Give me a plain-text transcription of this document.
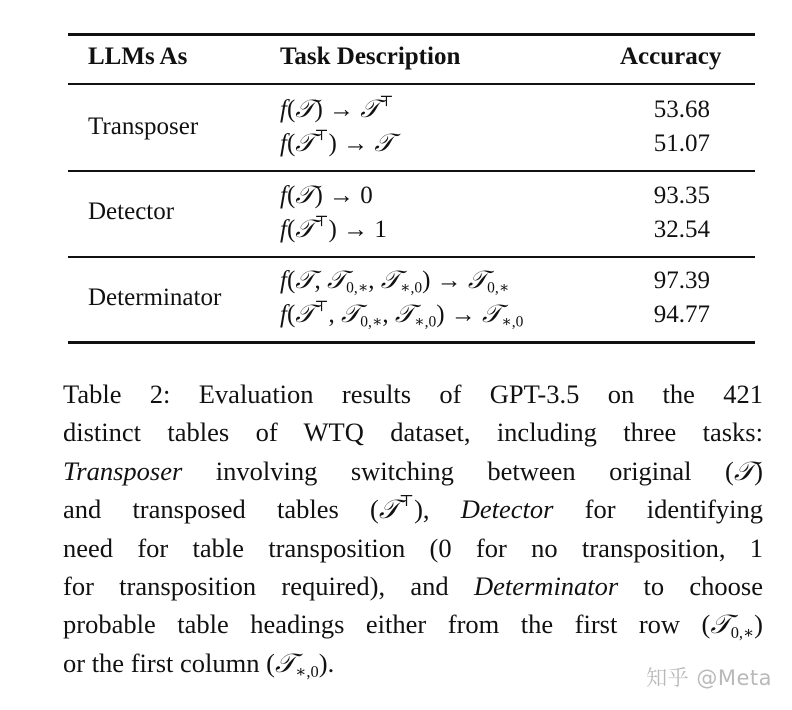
LLMs As	Task Description	Accuracy
Transposer
f(𝒯) → 𝒯⊤
f(𝒯⊤) → 𝒯
53.68
51.07
Detector
f(𝒯) → 0
f(𝒯⊤) → 1
93.35
32.54
Determinator
f(𝒯, 𝒯$_{0,∗}$, 𝒯$_{∗,0}$) → 𝒯$_{0,∗}$
f(𝒯⊤, 𝒯$_{0,∗}$, 𝒯$_{∗,0}$) → 𝒯$_{∗,0}$
97.39
94.77
Table 2: Evaluation results of GPT-3.5 on the 421
distinct tables of WTQ dataset, including three tasks:
Transposer involving switching between original (𝒯)
and transposed tables (𝒯⊤), Detector for identifying
need for table transposition (0 for no transposition, 1
for transposition required), and Determinator to choose
probable table headings either from the first row (𝒯$_{0,∗}$)
or the first column (𝒯$_{∗,0}$).
知乎 @Meta
